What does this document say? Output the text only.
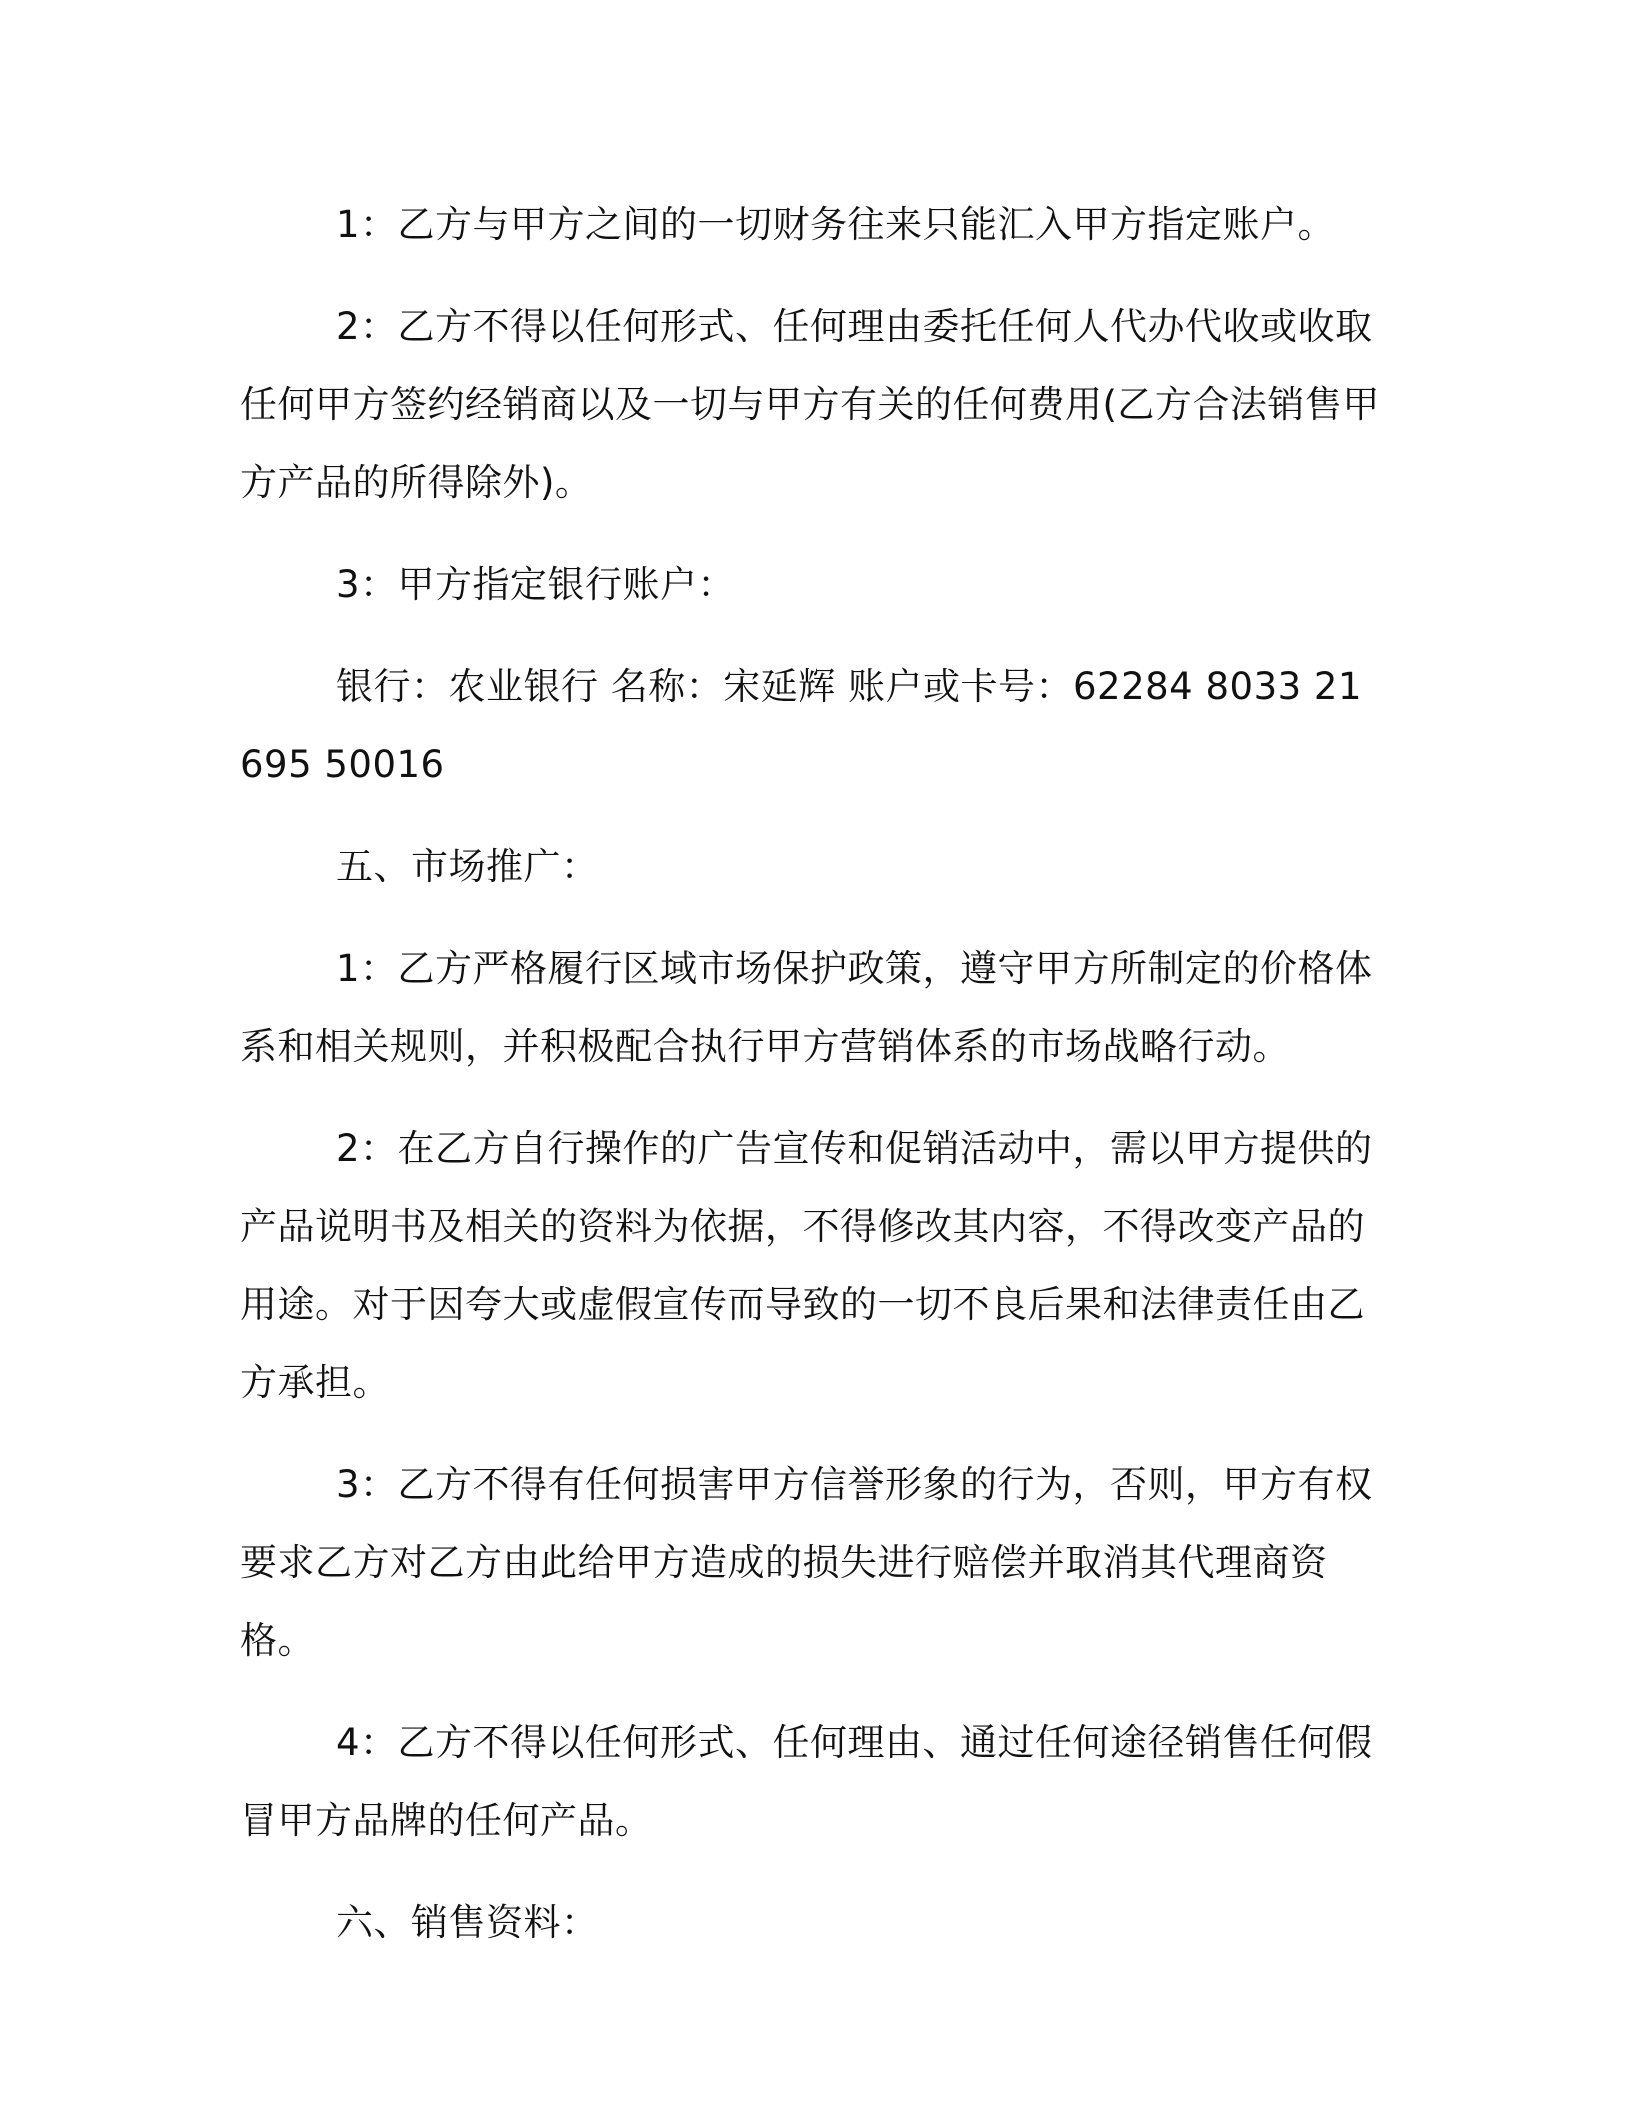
1：乙方与甲方之间的一切财务往来只能汇入甲方指定账户。

2：乙方不得以任何形式、任何理由委托任何人代办代收或收取任何甲方签约经销商以及一切与甲方有关的任何费用(乙方合法销售甲方产品的所得除外)。

3：甲方指定银行账户：

银行：农业银行 名称：宋延辉 账户或卡号：62284 8033 21695 50016

五、市场推广：

1：乙方严格履行区域市场保护政策，遵守甲方所制定的价格体系和相关规则，并积极配合执行甲方营销体系的市场战略行动。

2：在乙方自行操作的广告宣传和促销活动中，需以甲方提供的产品说明书及相关的资料为依据，不得修改其内容，不得改变产品的用途。对于因夸大或虚假宣传而导致的一切不良后果和法律责任由乙方承担。

3：乙方不得有任何损害甲方信誉形象的行为，否则，甲方有权要求乙方对乙方由此给甲方造成的损失进行赔偿并取消其代理商资格。

4：乙方不得以任何形式、任何理由、通过任何途径销售任何假冒甲方品牌的任何产品。

六、销售资料：
